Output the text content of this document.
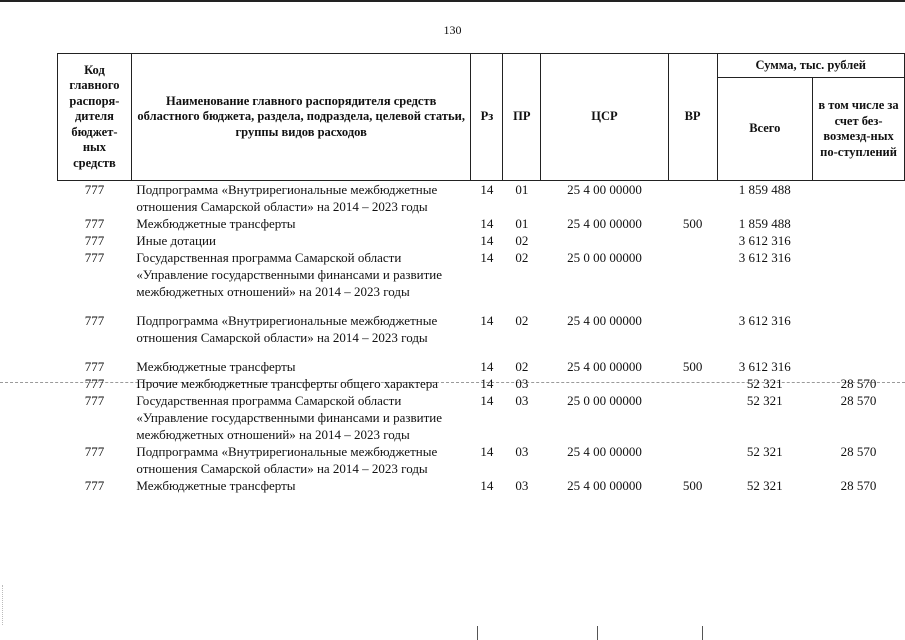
130
Код главного распоря-дителя бюджет-ных средств	Наименование главного распорядителя средств областного бюджета, раздела, подраздела, целевой статьи, группы видов расходов	Рз	ПР	ЦСР	ВР	Сумма, тыс. рублей	
						Всего	в том числе за счет без-возмезд-ных по-ступлений
777	Подпрограмма «Внутрирегиональные межбюджетные отношения Самарской области» на 2014 – 2023 годы	14	01	25 4 00 00000		1 859 488	
777	Межбюджетные трансферты	14	01	25 4 00 00000	500	1 859 488	
777	Иные дотации	14	02			3 612 316	
777	Государственная программа Самарской области «Управление государственными финансами и развитие межбюджетных отношений» на 2014 – 2023 годы	14	02	25 0 00 00000		3 612 316	
777	Подпрограмма «Внутрирегиональные межбюджетные отношения Самарской области» на 2014 – 2023 годы	14	02	25 4 00 00000		3 612 316	
777	Межбюджетные трансферты	14	02	25 4 00 00000	500	3 612 316	
777	Прочие межбюджетные трансферты общего характера	14	03			52 321	28 570
777	Государственная программа Самарской области «Управление государственными финансами и развитие межбюджетных отношений» на 2014 – 2023 годы	14	03	25 0 00 00000		52 321	28 570
777	Подпрограмма «Внутрирегиональные межбюджетные отношения Самарской области» на 2014 – 2023 годы	14	03	25 4 00 00000		52 321	28 570
777	Межбюджетные трансферты	14	03	25 4 00 00000	500	52 321	28 570
